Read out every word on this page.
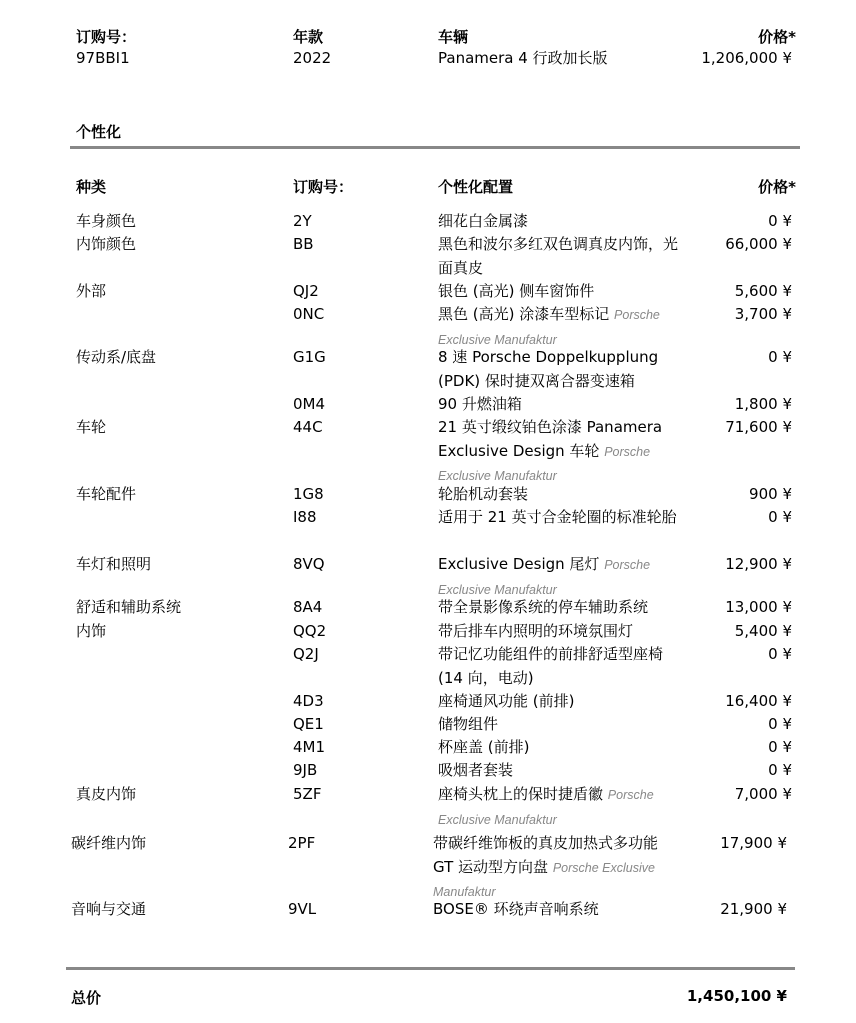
订购号：	年款	车辆	价格*
97BBI1	2022	Panamera 4 行政加长版	1,206,000 ¥
个性化
种类	订购号：	个性化配置	价格*
车身颜色	2Y	细花白金属漆	0 ¥
内饰颜色	BB	黑色和波尔多红双色调真皮内饰，光面真皮
66,000 ¥
外部	QJ2	银色 (高光) 侧车窗饰件	5,600 ¥
0NC	黑色 (高光) 涂漆车型标记 Porsche Exclusive Manufaktur
3,700 ¥
传动系/底盘	G1G	8 速 Porsche Doppelkupplung (PDK) 保时捷双离合器变速箱
0 ¥
0M4	90 升燃油箱	1,800 ¥
车轮	44C	21 英寸缎纹铂色涂漆 Panamera Exclusive Design 车轮 Porsche Exclusive Manufaktur
71,600 ¥
车轮配件	1G8	轮胎机动套装	900 ¥
I88	适用于 21 英寸合金轮圈的标准轮胎	0 ¥
车灯和照明	8VQ	Exclusive Design 尾灯 Porsche Exclusive Manufaktur
12,900 ¥
舒适和辅助系统	8A4	带全景影像系统的停车辅助系统	13,000 ¥
内饰	QQ2	带后排车内照明的环境氛围灯	5,400 ¥
Q2J	带记忆功能组件的前排舒适型座椅 (14 向，电动)
0 ¥
4D3	座椅通风功能 (前排)	16,400 ¥
QE1	储物组件	0 ¥
4M1	杯座盖 (前排)	0 ¥
9JB	吸烟者套装	0 ¥
真皮内饰	5ZF	座椅头枕上的保时捷盾徽 Porsche Exclusive Manufaktur
7,000 ¥
碳纤维内饰	2PF	带碳纤维饰板的真皮加热式多功能 GT 运动型方向盘 Porsche Exclusive Manufaktur
17,900 ¥
音响与交通	9VL	BOSE® 环绕声音响系统	21,900 ¥
总价	1,450,100 ¥
